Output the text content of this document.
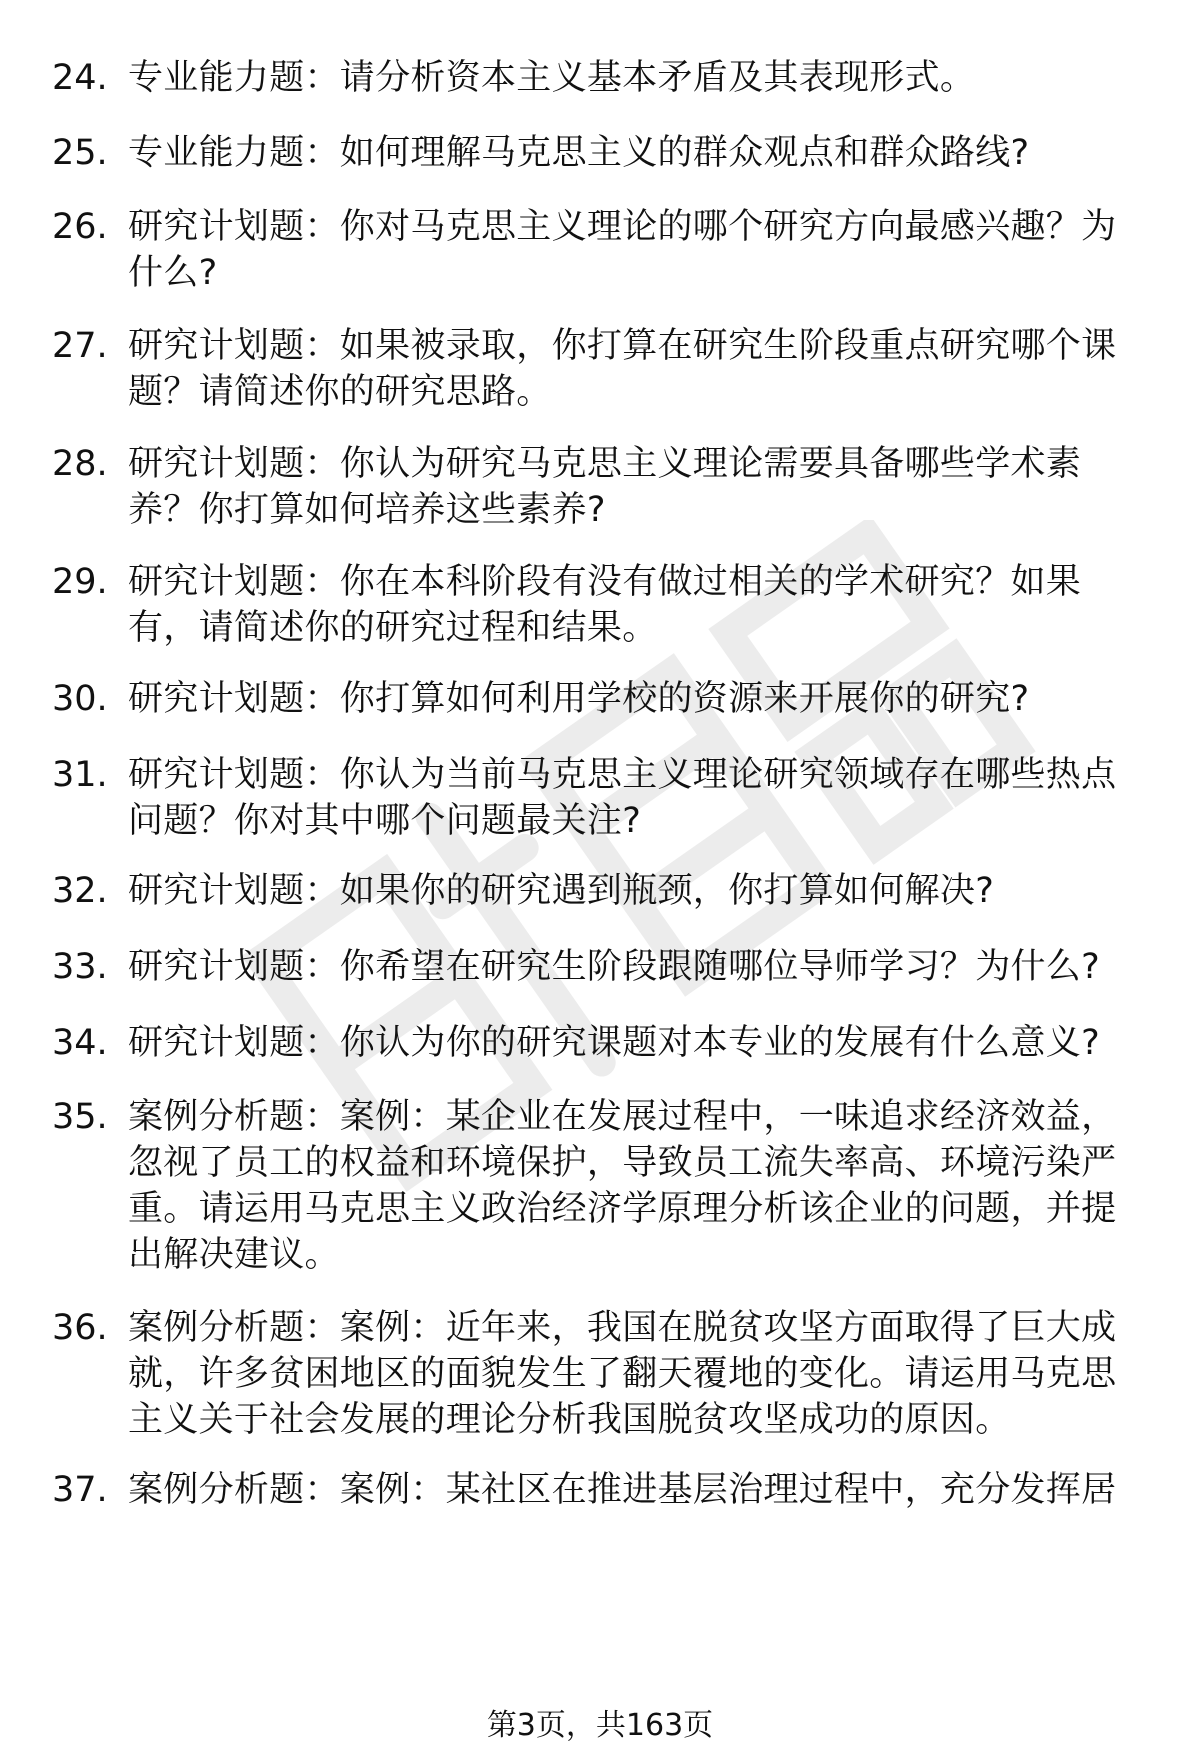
24. 专业能力题：请分析资本主义基本矛盾及其表现形式。
25. 专业能力题：如何理解马克思主义的群众观点和群众路线?
26. 研究计划题：你对马克思主义理论的哪个研究方向最感兴趣？为什么?
27. 研究计划题：如果被录取，你打算在研究生阶段重点研究哪个课题？请简述你的研究思路。
28. 研究计划题：你认为研究马克思主义理论需要具备哪些学术素养？你打算如何培养这些素养?
29. 研究计划题：你在本科阶段有没有做过相关的学术研究？如果有，请简述你的研究过程和结果。
30. 研究计划题：你打算如何利用学校的资源来开展你的研究?
31. 研究计划题：你认为当前马克思主义理论研究领域存在哪些热点问题？你对其中哪个问题最关注?
32. 研究计划题：如果你的研究遇到瓶颈，你打算如何解决?
33. 研究计划题：你希望在研究生阶段跟随哪位导师学习？为什么?
34. 研究计划题：你认为你的研究课题对本专业的发展有什么意义?
35. 案例分析题：案例：某企业在发展过程中，一味追求经济效益，忽视了员工的权益和环境保护，导致员工流失率高、环境污染严重。请运用马克思主义政治经济学原理分析该企业的问题，并提出解决建议。
36. 案例分析题：案例：近年来，我国在脱贫攻坚方面取得了巨大成就，许多贫困地区的面貌发生了翻天覆地的变化。请运用马克思主义关于社会发展的理论分析我国脱贫攻坚成功的原因。
37. 案例分析题：案例：某社区在推进基层治理过程中，充分发挥居
第3页，共163页
